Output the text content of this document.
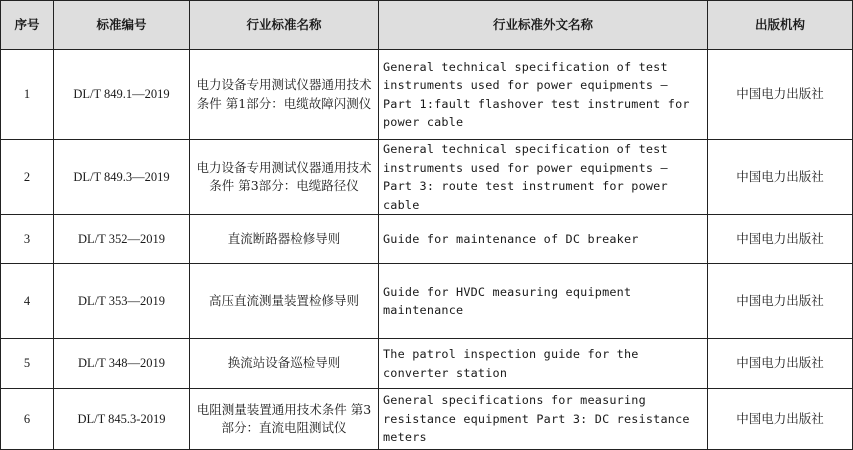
序号	标准编号	行业标准名称	行业标准外文名称	出版机构
1	DL/T 849.1—2019	电力设备专用测试仪器通用技术条件 第1部分：电缆故障闪测仪	General technical specification of test instruments used for power equipments — Part 1:fault flashover test instrument for power cable	中国电力出版社
2	DL/T 849.3—2019	电力设备专用测试仪器通用技术条件 第3部分：电缆路径仪	General technical specification of test instruments used for power equipments — Part 3: route test instrument for power cable	中国电力出版社
3	DL/T 352—2019	直流断路器检修导则	Guide for maintenance of DC breaker	中国电力出版社
4	DL/T 353—2019	高压直流测量装置检修导则	Guide for HVDC measuring equipment maintenance	中国电力出版社
5	DL/T 348—2019	换流站设备巡检导则	The patrol inspection guide for the converter station	中国电力出版社
6	DL/T 845.3-2019	电阻测量装置通用技术条件 第3部分：直流电阻测试仪	General specifications for measuring resistance equipment Part 3: DC resistance meters	中国电力出版社
